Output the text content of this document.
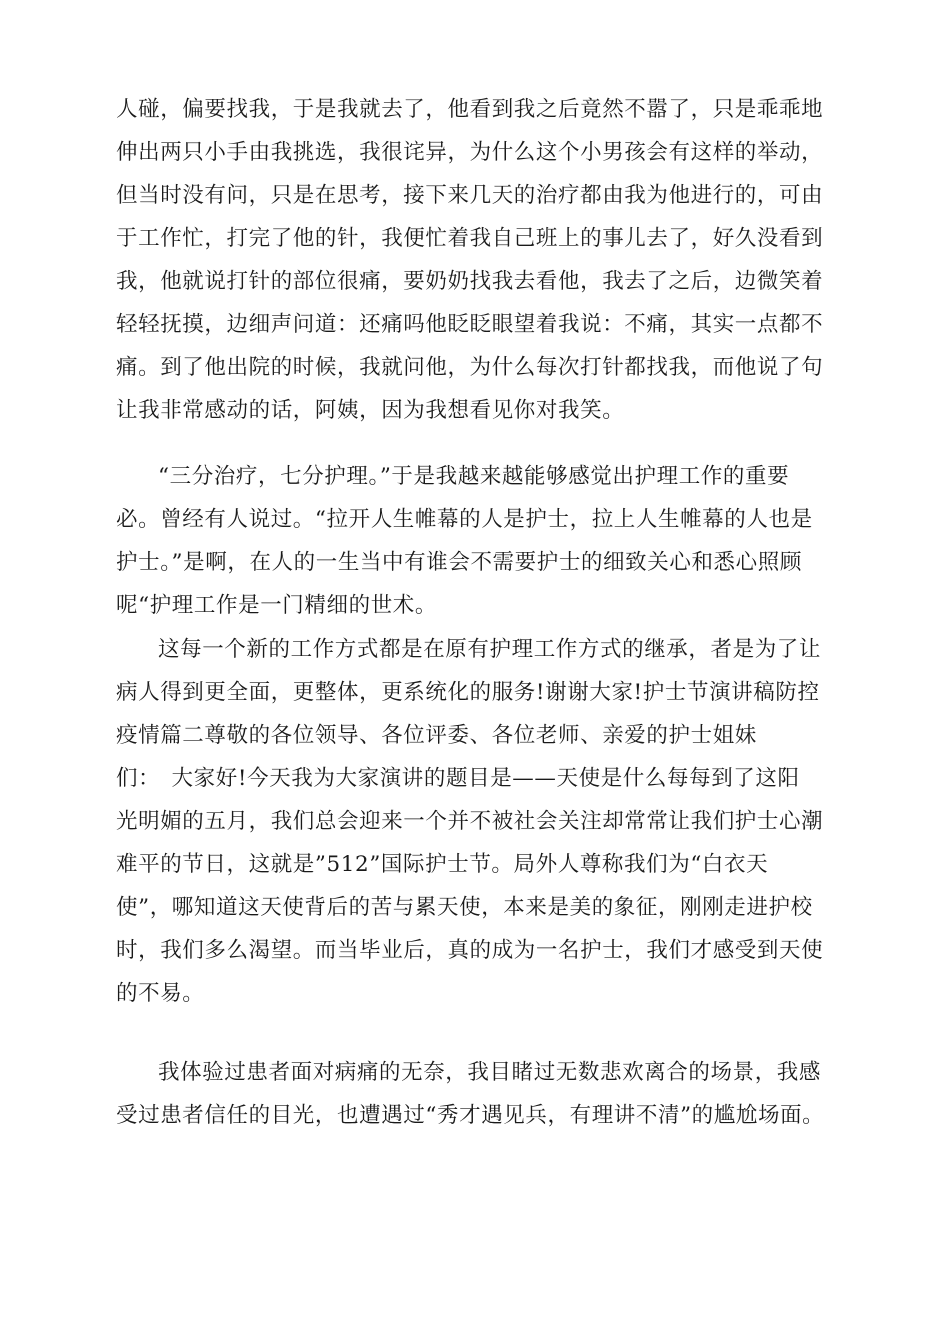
人碰，偏要找我，于是我就去了，他看到我之后竟然不嚣了，只是乖乖地
伸出两只小手由我挑选，我很诧异，为什么这个小男孩会有这样的举动，
但当时没有问，只是在思考，接下来几天的治疗都由我为他进行的，可由
于工作忙，打完了他的针，我便忙着我自己班上的事儿去了，好久没看到
我，他就说打针的部位很痛，要奶奶找我去看他，我去了之后，边微笑着
轻轻抚摸，边细声问道：还痛吗他眨眨眼望着我说：不痛，其实一点都不
痛。到了他出院的时候，我就问他，为什么每次打针都找我，而他说了句
让我非常感动的话，阿姨，因为我想看见你对我笑。
“三分治疗，七分护理。”于是我越来越能够感觉出护理工作的重要
必。曾经有人说过。“拉开人生帷幕的人是护士，拉上人生帷幕的人也是
护士。”是啊，在人的一生当中有谁会不需要护士的细致关心和悉心照顾
呢“护理工作是一门精细的世术。
这每一个新的工作方式都是在原有护理工作方式的继承，者是为了让
病人得到更全面，更整体，更系统化的服务!谢谢大家!护士节演讲稿防控
疫情篇二尊敬的各位领导、各位评委、各位老师、亲爱的护士姐妹
们：　大家好!今天我为大家演讲的题目是——天使是什么每每到了这阳
光明媚的五月，我们总会迎来一个并不被社会关注却常常让我们护士心潮
难平的节日，这就是”512”国际护士节。局外人尊称我们为“白衣天
使”，哪知道这天使背后的苦与累天使，本来是美的象征，刚刚走进护校
时，我们多么渴望。而当毕业后，真的成为一名护士，我们才感受到天使
的不易。
我体验过患者面对病痛的无奈，我目睹过无数悲欢离合的场景，我感
受过患者信任的目光，也遭遇过“秀才遇见兵，有理讲不清”的尴尬场面。
